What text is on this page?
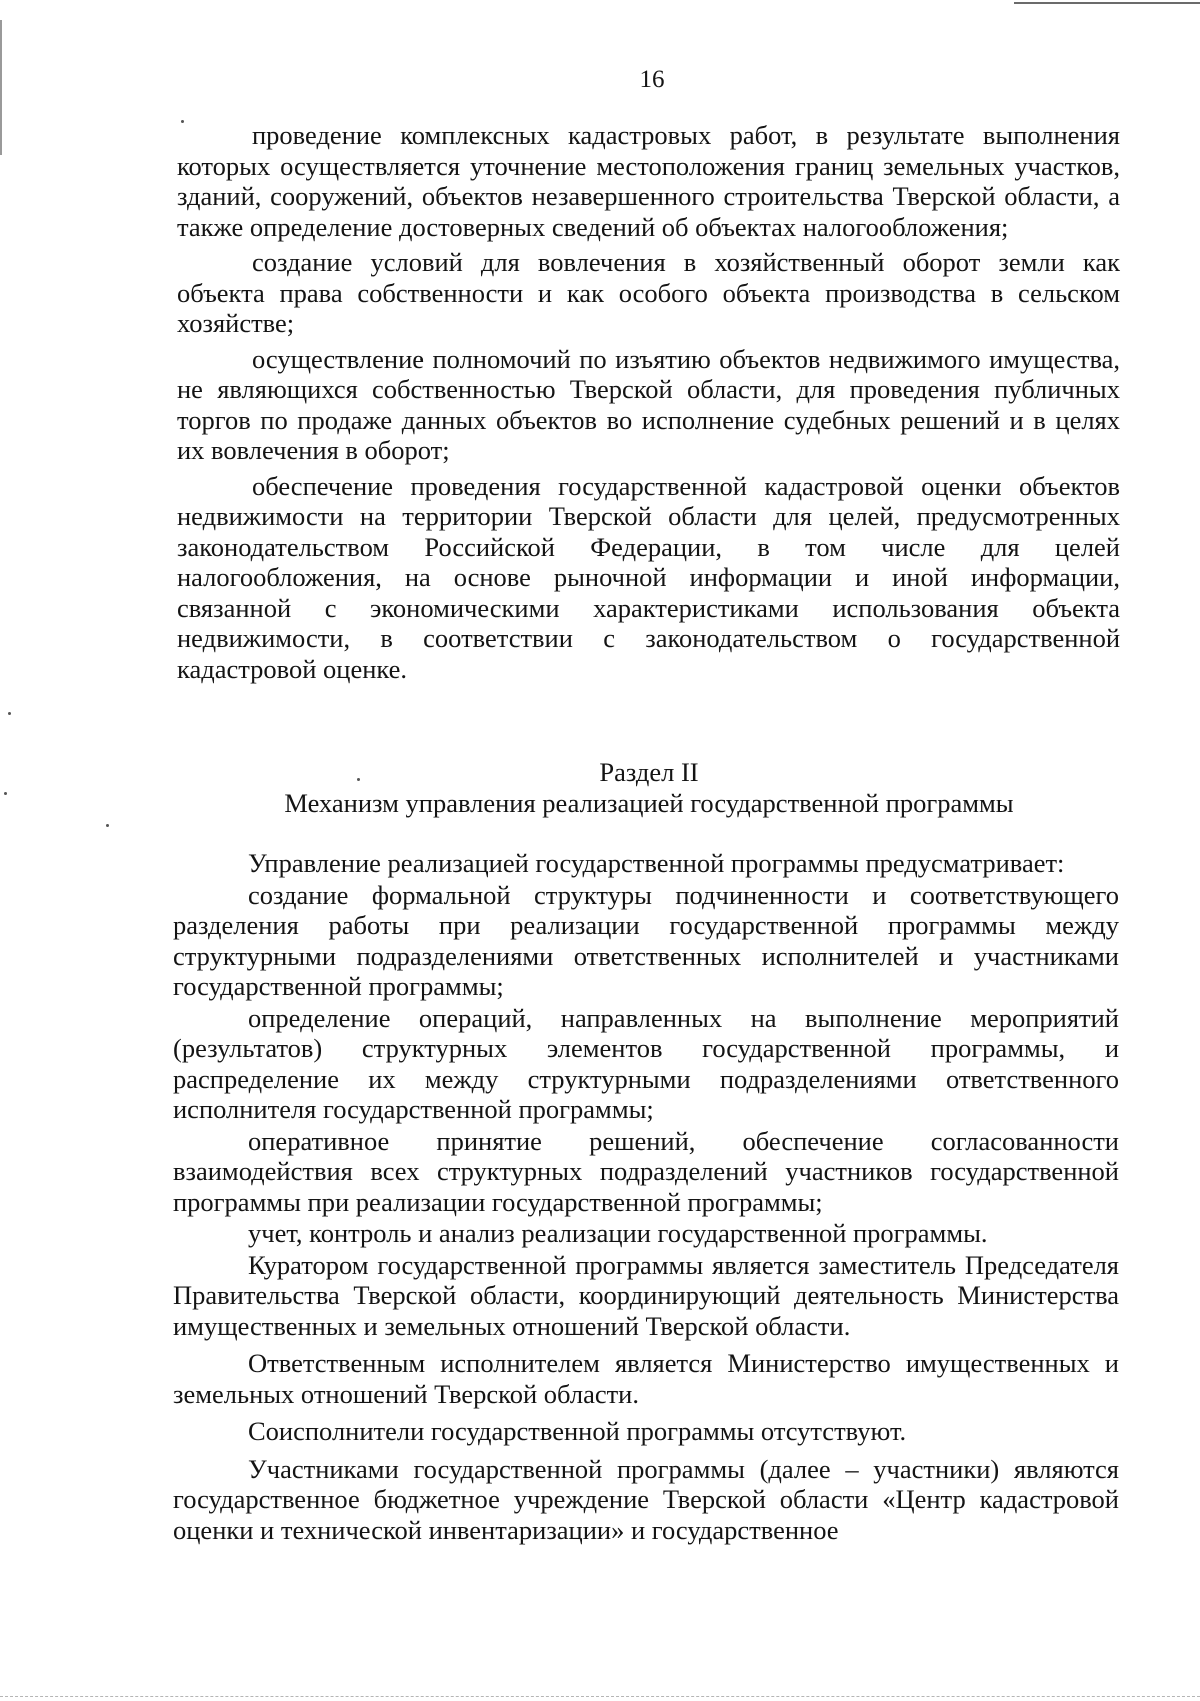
16

проведение комплексных кадастровых работ, в результате выполнения которых осуществляется уточнение местоположения границ земельных участков, зданий, сооружений, объектов незавершенного строительства Тверской области, а также определение достоверных сведений об объектах налогообложения;

создание условий для вовлечения в хозяйственный оборот земли как объекта права собственности и как особого объекта производства в сельском хозяйстве;

осуществление полномочий по изъятию объектов недвижимого имущества, не являющихся собственностью Тверской области, для проведения публичных торгов по продаже данных объектов во исполнение судебных решений и в целях их вовлечения в оборот;

обеспечение проведения государственной кадастровой оценки объектов недвижимости на территории Тверской области для целей, предусмотренных законодательством Российской Федерации, в том числе для целей налогообложения, на основе рыночной информации и иной информации, связанной с экономическими характеристиками использования объекта недвижимости, в соответствии с законодательством о государственной кадастровой оценке.

Раздел II
Механизм управления реализацией государственной программы

Управление реализацией государственной программы предусматривает:

создание формальной структуры подчиненности и соответствующего разделения работы при реализации государственной программы между структурными подразделениями ответственных исполнителей и участниками государственной программы;

определение операций, направленных на выполнение мероприятий (результатов) структурных элементов государственной программы, и распределение их между структурными подразделениями ответственного исполнителя государственной программы;

оперативное принятие решений, обеспечение согласованности взаимодействия всех структурных подразделений участников государственной программы при реализации государственной программы;

учет, контроль и анализ реализации государственной программы.

Куратором государственной программы является заместитель Председателя Правительства Тверской области, координирующий деятельность Министерства имущественных и земельных отношений Тверской области.

Ответственным исполнителем является Министерство имущественных и земельных отношений Тверской области.

Соисполнители государственной программы отсутствуют.

Участниками государственной программы (далее – участники) являются государственное бюджетное учреждение Тверской области «Центр кадастровой оценки и технической инвентаризации» и государственное
